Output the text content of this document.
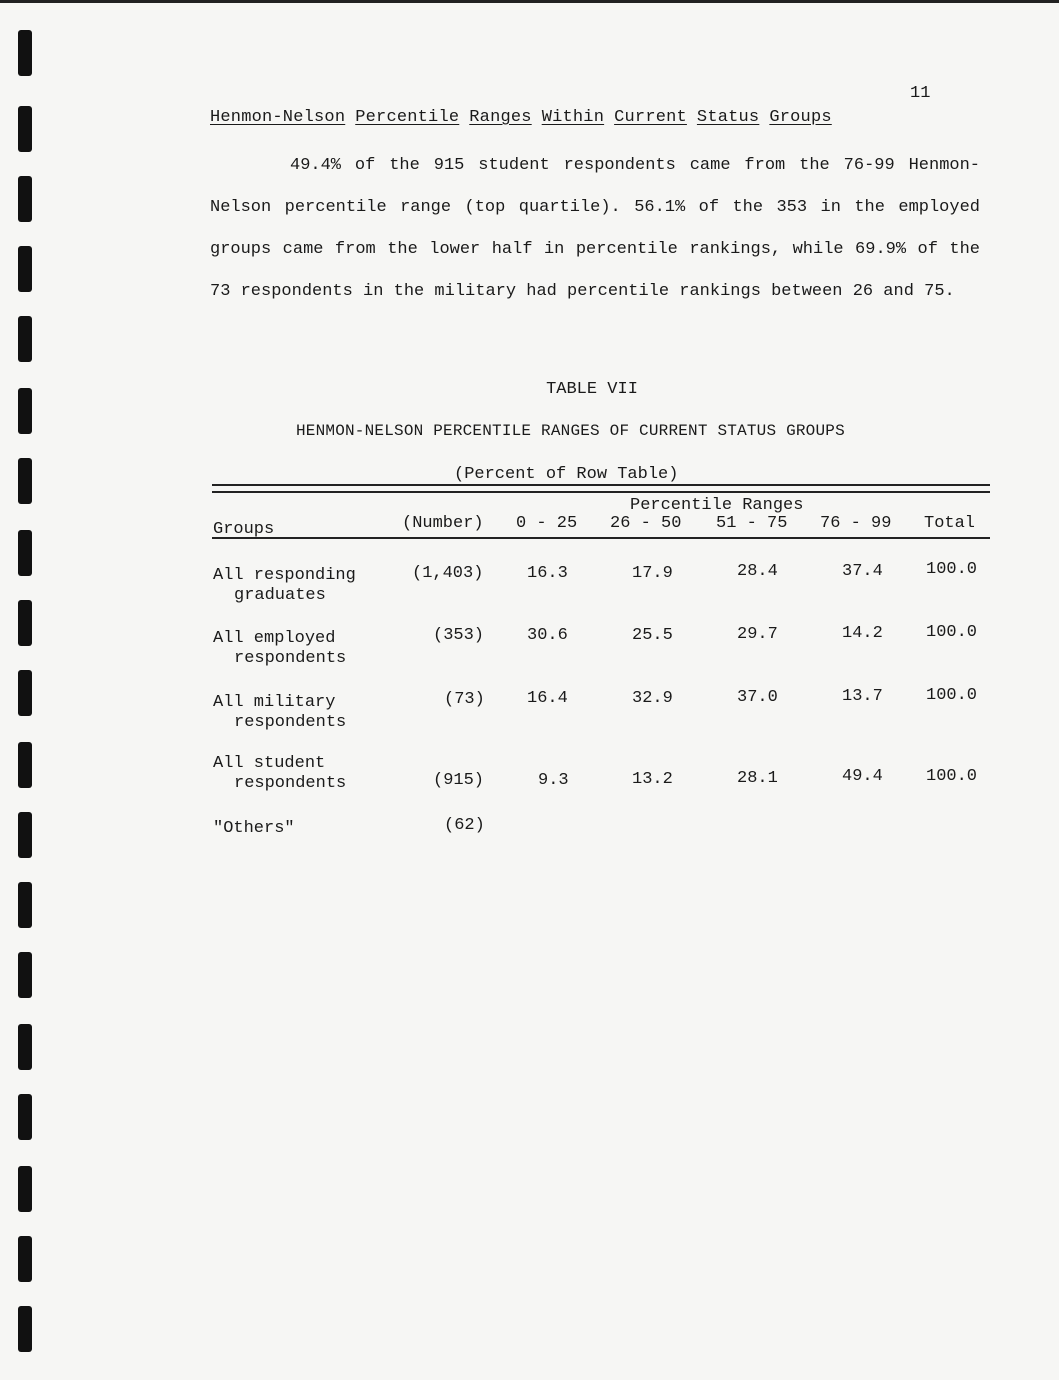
11
Henmon-Nelson Percentile Ranges Within Current Status Groups
49.4% of the 915 student respondents came from the 76-99 Henmon-Nelson percentile range (top quartile). 56.1% of the 353 in the employed groups came from the lower half in percentile rankings, while 69.9% of the 73 respondents in the military had percentile rankings between 26 and 75.
TABLE VII
HENMON-NELSON PERCENTILE RANGES OF CURRENT STATUS GROUPS
(Percent of Row Table)
Percentile Ranges
Groups	(Number) 0 - 25 26 - 50 51 - 75 76 - 99 Total
All responding
graduates
(1,403)	16.3	17.9	28.4	37.4	100.0
All employed
respondents
(353)	30.6	25.5	29.7	14.2	100.0
All military
respondents
(73) 16.4	32.9	37.0	13.7	100.0
All student
respondents	(915)	9.3	13.2	28.1	49.4	100.0
"Others"	(62)
